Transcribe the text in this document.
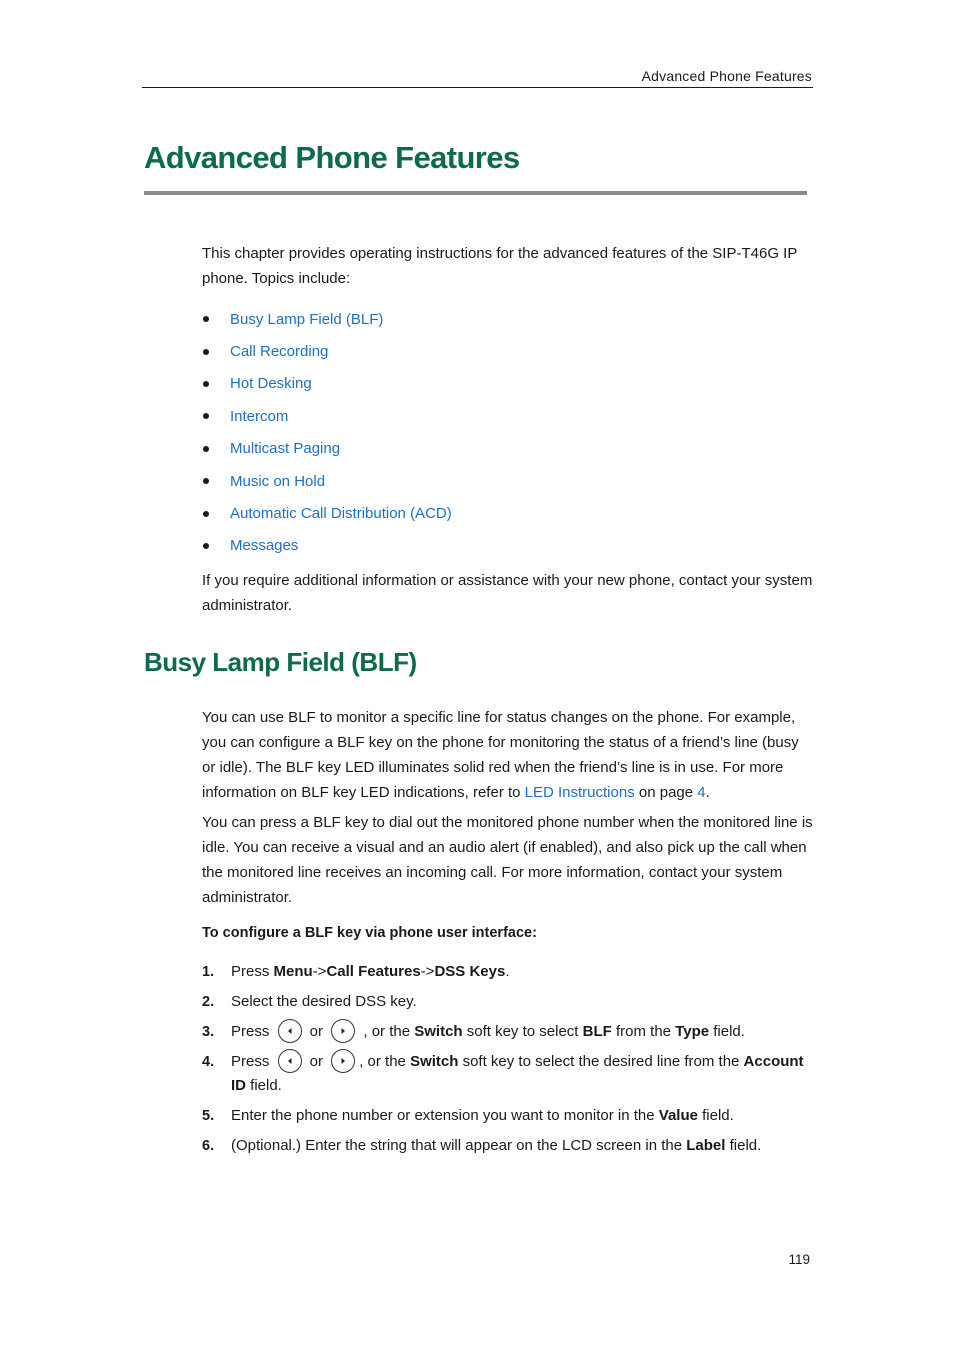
Advanced Phone Features
Advanced Phone Features
This chapter provides operating instructions for the advanced features of the SIP-T46G IP phone. Topics include:
Busy Lamp Field (BLF)
Call Recording
Hot Desking
Intercom
Multicast Paging
Music on Hold
Automatic Call Distribution (ACD)
Messages
If you require additional information or assistance with your new phone, contact your system administrator.
Busy Lamp Field (BLF)
You can use BLF to monitor a specific line for status changes on the phone. For example, you can configure a BLF key on the phone for monitoring the status of a friend’s line (busy or idle). The BLF key LED illuminates solid red when the friend’s line is in use. For more information on BLF key LED indications, refer to LED Instructions on page 4.
You can press a BLF key to dial out the monitored phone number when the monitored line is idle. You can receive a visual and an audio alert (if enabled), and also pick up the call when the monitored line receives an incoming call. For more information, contact your system administrator.
To configure a BLF key via phone user interface:
1. Press Menu->Call Features->DSS Keys.
2. Select the desired DSS key.
3. Press
or
, or the Switch soft key to select BLF from the Type field.
4. Press
or
, or the Switch soft key to select the desired line from the Account ID field.
5. Enter the phone number or extension you want to monitor in the Value field.
6. (Optional.) Enter the string that will appear on the LCD screen in the Label field.
119
